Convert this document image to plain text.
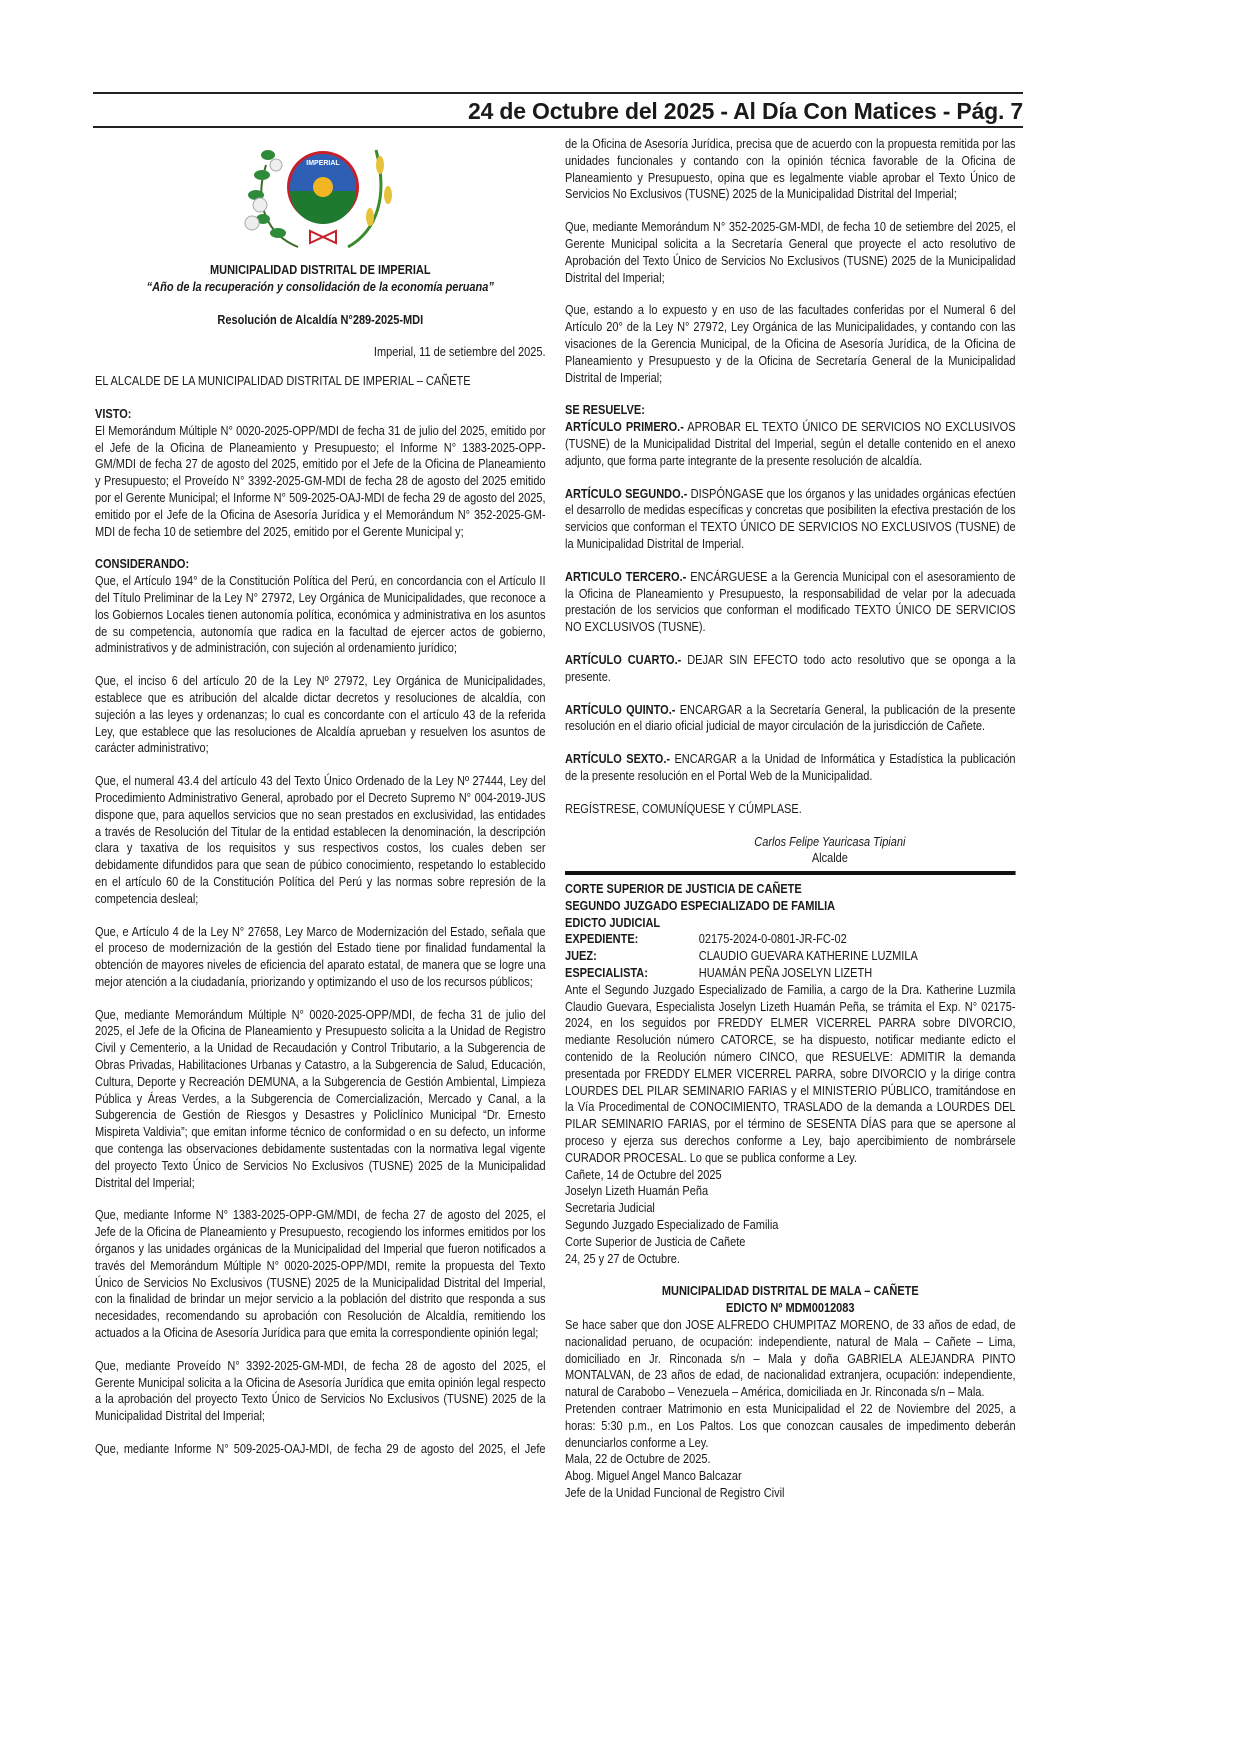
24 de Octubre del 2025 - Al Día Con Matices - Pág. 7
IMPERIAL
MUNICIPALIDAD DISTRITAL DE IMPERIAL
“Año de la recuperación y consolidación de la economía peruana”
Resolución de Alcaldía N°289-2025-MDI

Imperial, 11 de setiembre del 2025.

EL ALCALDE DE LA MUNICIPALIDAD DISTRITAL DE IMPERIAL – CAÑETE

VISTO:

El Memorándum Múltiple N° 0020-2025-OPP/MDI de fecha 31 de julio del 2025, emitido por el Jefe de la Oficina de Planeamiento y Presupuesto; el Informe N° 1383-2025-OPP-GM/MDI de fecha 27 de agosto del 2025, emitido por el Jefe de la Oficina de Planeamiento y Presupuesto; el Proveído N° 3392-2025-GM-MDI de fecha 28 de agosto del 2025 emitido por el Gerente Municipal; el Informe N° 509-2025-OAJ-MDI de fecha 29 de agosto del 2025, emitido por el Jefe de la Oficina de Asesoría Jurídica y el Memorándum N° 352-2025-GM-MDI de fecha 10 de setiembre del 2025, emitido por el Gerente Municipal y;

CONSIDERANDO:

Que, el Artículo 194° de la Constitución Política del Perú, en concordancia con el Artículo II del Título Preliminar de la Ley N° 27972, Ley Orgánica de Municipalidades, que reconoce a los Gobiernos Locales tienen autonomía política, económica y administrativa en los asuntos de su competencia, autonomía que radica en la facultad de ejercer actos de gobierno, administrativos y de administración, con sujeción al ordenamiento jurídico;

Que, el inciso 6 del artículo 20 de la Ley Nº 27972, Ley Orgánica de Municipalidades, establece que es atribución del alcalde dictar decretos y resoluciones de alcaldía, con sujeción a las leyes y ordenanzas; lo cual es concordante con el artículo 43 de la referida Ley, que establece que las resoluciones de Alcaldía aprueban y resuelven los asuntos de carácter administrativo;

Que, el numeral 43.4 del artículo 43 del Texto Único Ordenado de la Ley Nº 27444, Ley del Procedimiento Administrativo General, aprobado por el Decreto Supremo N° 004-2019-JUS dispone que, para aquellos servicios que no sean prestados en exclusividad, las entidades a través de Resolución del Titular de la entidad establecen la denominación, la descripción clara y taxativa de los requisitos y sus respectivos costos, los cuales deben ser debidamente difundidos para que sean de púbico conocimiento, respetando lo establecido en el artículo 60 de la Constitución Política del Perú y las normas sobre represión de la competencia desleal;

Que, e Artículo 4 de la Ley N° 27658, Ley Marco de Modernización del Estado, señala que el proceso de modernización de la gestión del Estado tiene por finalidad fundamental la obtención de mayores niveles de eficiencia del aparato estatal, de manera que se logre una mejor atención a la ciudadanía, priorizando y optimizando el uso de los recursos públicos;

Que, mediante Memorándum Múltiple N° 0020-2025-OPP/MDI, de fecha 31 de julio del 2025, el Jefe de la Oficina de Planeamiento y Presupuesto solicita a la Unidad de Registro Civil y Cementerio, a la Unidad de Recaudación y Control Tributario, a la Subgerencia de Obras Privadas, Habilitaciones Urbanas y Catastro, a la Subgerencia de Salud, Educación, Cultura, Deporte y Recreación DEMUNA, a la Subgerencia de Gestión Ambiental, Limpieza Pública y Áreas Verdes, a la Subgerencia de Comercialización, Mercado y Canal, a la Subgerencia de Gestión de Riesgos y Desastres y Policlínico Municipal “Dr. Ernesto Mispireta Valdivia”; que emitan informe técnico de conformidad o en su defecto, un informe que contenga las observaciones debidamente sustentadas con la normativa legal vigente del proyecto Texto Único de Servicios No Exclusivos (TUSNE) 2025 de la Municipalidad Distrital del Imperial;

Que, mediante Informe N° 1383-2025-OPP-GM/MDI, de fecha 27 de agosto del 2025, el Jefe de la Oficina de Planeamiento y Presupuesto, recogiendo los informes emitidos por los órganos y las unidades orgánicas de la Municipalidad del Imperial que fueron notificados a través del Memorándum Múltiple N° 0020-2025-OPP/MDI, remite la propuesta del Texto Único de Servicios No Exclusivos (TUSNE) 2025 de la Municipalidad Distrital del Imperial, con la finalidad de brindar un mejor servicio a la población del distrito que responda a sus necesidades, recomendando su aprobación con Resolución de Alcaldía, remitiendo los actuados a la Oficina de Asesoría Jurídica para que emita la correspondiente opinión legal;

Que, mediante Proveído N° 3392-2025-GM-MDI, de fecha 28 de agosto del 2025, el Gerente Municipal solicita a la Oficina de Asesoría Jurídica que emita opinión legal respecto a la aprobación del proyecto Texto Único de Servicios No Exclusivos (TUSNE) 2025 de la Municipalidad Distrital del Imperial;

Que, mediante Informe N° 509-2025-OAJ-MDI, de fecha 29 de agosto del 2025, el Jefe

de la Oficina de Asesoría Jurídica, precisa que de acuerdo con la propuesta remitida por las unidades funcionales y contando con la opinión técnica favorable de la Oficina de Planeamiento y Presupuesto, opina que es legalmente viable aprobar el Texto Único de Servicios No Exclusivos (TUSNE) 2025 de la Municipalidad Distrital del Imperial;

Que, mediante Memorándum N° 352-2025-GM-MDI, de fecha 10 de setiembre del 2025, el Gerente Municipal solicita a la Secretaría General que proyecte el acto resolutivo de Aprobación del Texto Único de Servicios No Exclusivos (TUSNE) 2025 de la Municipalidad Distrital del Imperial;

Que, estando a lo expuesto y en uso de las facultades conferidas por el Numeral 6 del Artículo 20° de la Ley N° 27972, Ley Orgánica de las Municipalidades, y contando con las visaciones de la Gerencia Municipal, de la Oficina de Asesoría Jurídica, de la Oficina de Planeamiento y Presupuesto y de la Oficina de Secretaría General de la Municipalidad Distrital de Imperial;

SE RESUELVE:

ARTÍCULO PRIMERO.- APROBAR EL TEXTO ÚNICO DE SERVICIOS NO EXCLUSIVOS (TUSNE) de la Municipalidad Distrital del Imperial, según el detalle contenido en el anexo adjunto, que forma parte integrante de la presente resolución de alcaldía.

ARTÍCULO SEGUNDO.- DISPÓNGASE que los órganos y las unidades orgánicas efectúen el desarrollo de medidas específicas y concretas que posibiliten la efectiva prestación de los servicios que conforman el TEXTO ÚNICO DE SERVICIOS NO EXCLUSIVOS (TUSNE) de la Municipalidad Distrital de Imperial.

ARTICULO TERCERO.- ENCÁRGUESE a la Gerencia Municipal con el asesoramiento de la Oficina de Planeamiento y Presupuesto, la responsabilidad de velar por la adecuada prestación de los servicios que conforman el modificado TEXTO ÚNICO DE SERVICIOS NO EXCLUSIVOS (TUSNE).

ARTÍCULO CUARTO.- DEJAR SIN EFECTO todo acto resolutivo que se oponga a la presente.

ARTÍCULO QUINTO.- ENCARGAR a la Secretaría General, la publicación de la presente resolución en el diario oficial judicial de mayor circulación de la jurisdicción de Cañete.

ARTÍCULO SEXTO.- ENCARGAR a la Unidad de Informática y Estadística la publicación de la presente resolución en el Portal Web de la Municipalidad.

REGÍSTRESE, COMUNÍQUESE Y CÚMPLASE.

Carlos Felipe Yauricasa Tipiani
Alcalde
CORTE SUPERIOR DE JUSTICIA DE CAÑETE
SEGUNDO JUZGADO ESPECIALIZADO DE FAMILIA
EDICTO JUDICIAL
EXPEDIENTE:	02175-2024-0-0801-JR-FC-02
JUEZ:	CLAUDIO GUEVARA KATHERINE LUZMILA
ESPECIALISTA:	HUAMÁN PEÑA JOSELYN LIZETH

Ante el Segundo Juzgado Especializado de Familia, a cargo de la Dra. Katherine Luzmila Claudio Guevara, Especialista Joselyn Lizeth Huamán Peña, se trámita el Exp. N° 02175-2024, en los seguidos por FREDDY ELMER VICERREL PARRA sobre DIVORCIO, mediante Resolución número CATORCE, se ha dispuesto, notificar mediante edicto el contenido de la Reolución número CINCO, que RESUELVE: ADMITIR la demanda presentada por FREDDY ELMER VICERREL PARRA, sobre DIVORCIO y la dirige contra LOURDES DEL PILAR SEMINARIO FARIAS y el MINISTERIO PÚBLICO, tramitándose en la Vía Procedimental de CONOCIMIENTO, TRASLADO de la demanda a LOURDES DEL PILAR SEMINARIO FARIAS, por el término de SESENTA DÍAS para que se apersone al proceso y ejerza sus derechos conforme a Ley, bajo apercibimiento de nombrársele CURADOR PROCESAL. Lo que se publica conforme a Ley.

Cañete, 14 de Octubre del 2025
Joselyn Lizeth Huamán Peña
Secretaria Judicial
Segundo Juzgado Especializado de Familia
Corte Superior de Justicia de Cañete
24, 25 y 27 de Octubre.
MUNICIPALIDAD DISTRITAL DE MALA – CAÑETE
EDICTO Nº MDM0012083

Se hace saber que don JOSE ALFREDO CHUMPITAZ MORENO, de 33 años de edad, de nacionalidad peruano, de ocupación: independiente, natural de Mala – Cañete – Lima, domiciliado en Jr. Rinconada s/n – Mala y doña GABRIELA ALEJANDRA PINTO MONTALVAN, de 23 años de edad, de nacionalidad extranjera, ocupación: independiente, natural de Carabobo – Venezuela – América, domiciliada en Jr. Rinconada s/n – Mala.

Pretenden contraer Matrimonio en esta Municipalidad el 22 de Noviembre del 2025, a horas: 5:30 p.m., en Los Paltos. Los que conozcan causales de impedimento deberán denunciarlos conforme a Ley.

Mala, 22 de Octubre de 2025.
Abog. Miguel Angel Manco Balcazar
Jefe de la Unidad Funcional de Registro Civil
